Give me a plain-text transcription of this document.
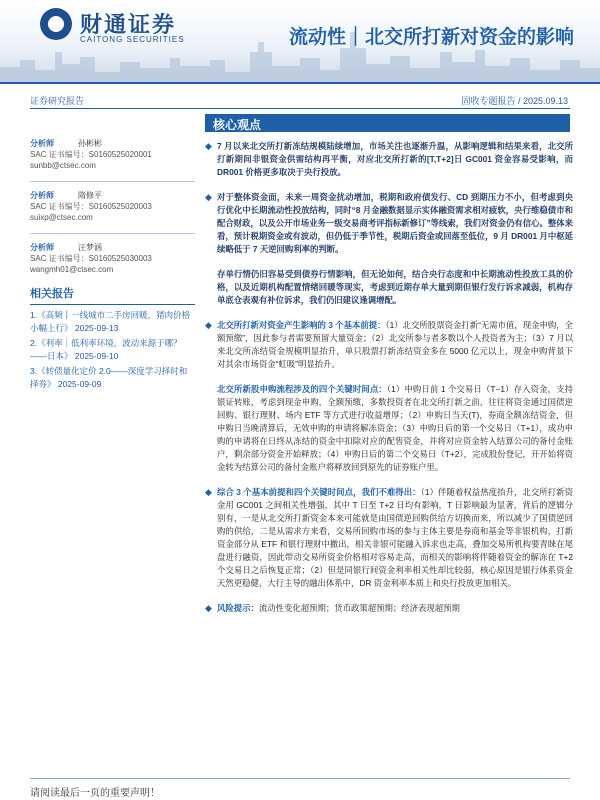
财通证券
CAITONG SECURITIES	流动性｜北交所打新对资金的影响
证券研究报告	固收专题报告 / 2025.09.13
核心观点
分析师	孙彬彬
SAC 证书编号：S0160525020001
sunbb@ctsec.com
分析师	隋修平
SAC 证书编号：S0160525020003
suixp@ctsec.com
分析师	汪梦涵
SAC 证书编号：S0160525030003
wangmh01@ctsec.com
相关报告
1.《高频丨一线城市二手房回暖，猪肉价格小幅上行》 2025-09-13
2.《利率｜低利率环境，波动来源于哪？——日本》 2025-09-10
3.《转债量化定价 2.0——深度学习择时和择券》 2025-09-09
◆ 7 月以来北交所打新冻结规模陆续增加，市场关注也逐渐升温，从影响逻辑和结果来看，北交所打新期间非银资金供需结构再平衡，对应北交所打新的[T,T+2]日 GC001 资金容易受影响，而 DR001 价格更多取决于央行投放。
◆ 对于整体资金面，未来一周资金扰动增加，税期和政府债发行、CD 到期压力不小，但考虑到央行优化中长期流动性投放结构，同时“8 月金融数据显示实体融资需求相对疲软，央行维稳债市和配合财政，以及公开市场业务一级交易商考评指标新修订”等线索，我们对资金仍有信心。整体来看，预计税期资金或有波动，但仍低于季节性，税期后资金或回落至低位，9 月 DR001 月中枢延续略低于 7 天逆回购利率的判断。
存单行情仍旧容易受到债券行情影响，但无论如何，结合央行态度和中长期流动性投放工具的价格，以及近期机构配置情绪回暖等现实，考虑到近期存单大量到期但银行发行诉求减弱，机构存单底仓表观有补位诉求，我们仍旧建议逢调增配。
◆ 北交所打新对资金产生影响的 3 个基本前提：（1）北交所股票资金打新“无需市值，现金申购，全额预缴”，因此参与者需要预留大量资金；（2）北交所参与者多数以个人投资者为主；（3）7 月以来北交所冻结资金规模明显抬升，单只股票打新冻结资金多在 5000 亿元以上，现金申购背景下对其余市场资金“虹吸”明显抬升。
北交所新股申购流程涉及的四个关键时间点：（1）申购日前 1 个交易日（T−1）存入资金，支持银证转账，考虑到现金申购，全额预缴，多数投资者在北交所打新之前，往往将资金通过国债逆回购、银行理财、场内 ETF 等方式进行收益增厚；（2）申购日当天(T)，券商全额冻结资金，但申购日当晚清算后，无效申购的申请将解冻资金；（3）申购日后的第一个交易日（T+1），成功申购的申请将在日终从冻结的资金中扣除对应的配售资金，并将对应资金转入结算公司的备付金账户，剩余部分资金开始释放；（4）申购日后的第二个交易日（T+2），完成股份登记，开开始将资金转为结算公司的备付金账户将释放回到原先的证券账户里。
◆ 综合 3 个基本前提和四个关键时间点，我们不难得出：（1）伴随着权益热度抬升，北交所打新资金用 GC001 之间相关性增强，其中 T 日至 T+2 日均有影响，T 日影响最为显著，背后的逻辑分别有，一是从北交所打新资金本来可能就是由国债逆回购供给方切换而来，所以减少了国债逆回购的供给，二是从需求方来看，交易所回购市场的参与主体主要是券商和基金等非银机构，打新资金部分从 ETF 和银行理财中撤出，相关非银可能融入诉求也走高，叠加交易所机构要青睐在尾盘进行融资，因此带动交易所资金价格相对容易走高，而相关的影响将伴随着资金的解冻在 T+2 个交易日之后恢复正常；（2）但是同银行间资金利率相关性却比较弱，核心原因是银行体系资金天然更稳健，大行主导的融出体系中，DR 资金利率本质上和央行投放更加相关。
◆ 风险提示：流动性变化超预期；货币政策超预期；经济表现超预期
请阅读最后一页的重要声明！
